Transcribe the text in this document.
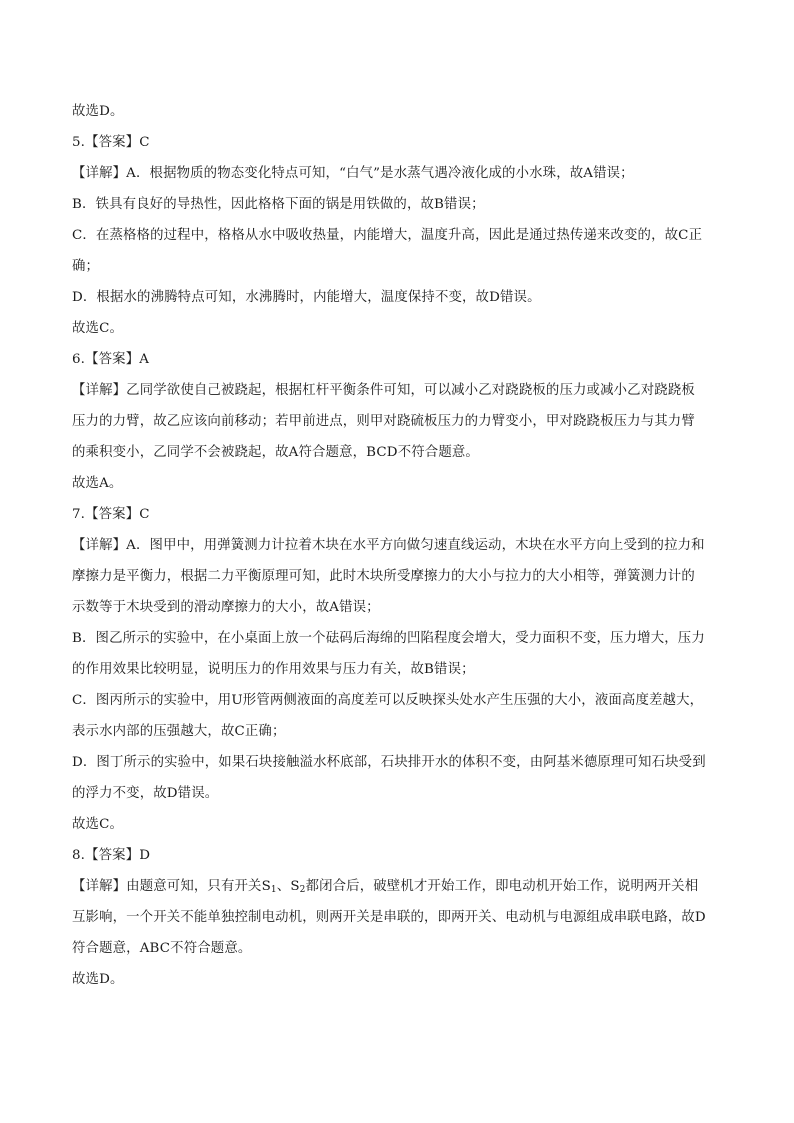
故选D。
5.【答案】C
【详解】A．根据物质的物态变化特点可知，“白气”是水蒸气遇冷液化成的小水珠，故A错误；
B．铁具有良好的导热性，因此格格下面的锅是用铁做的，故B错误；
C．在蒸格格的过程中，格格从水中吸收热量，内能增大，温度升高，因此是通过热传递来改变的，故C正
确；
D．根据水的沸腾特点可知，水沸腾时，内能增大，温度保持不变，故D错误。
故选C。
6.【答案】A
【详解】乙同学欲使自己被跷起，根据杠杆平衡条件可知，可以减小乙对跷跷板的压力或减小乙对跷跷板
压力的力臂，故乙应该向前移动；若甲前进点，则甲对跷硫板压力的力臂变小，甲对跷跷板压力与其力臂
的乘积变小，乙同学不会被跷起，故A符合题意，BCD不符合题意。
故选A。
7.【答案】C
【详解】A．图甲中，用弹簧测力计拉着木块在水平方向做匀速直线运动，木块在水平方向上受到的拉力和
摩擦力是平衡力，根据二力平衡原理可知，此时木块所受摩擦力的大小与拉力的大小相等，弹簧测力计的
示数等于木块受到的滑动摩擦力的大小，故A错误；
B．图乙所示的实验中，在小桌面上放一个砝码后海绵的凹陷程度会增大，受力面积不变，压力增大，压力
的作用效果比较明显，说明压力的作用效果与压力有关，故B错误；
C．图丙所示的实验中，用U形管两侧液面的高度差可以反映探头处水产生压强的大小，液面高度差越大，
表示水内部的压强越大，故C正确；
D．图丁所示的实验中，如果石块接触溢水杯底部，石块排开水的体积不变，由阿基米德原理可知石块受到
的浮力不变，故D错误。
故选C。
8.【答案】D
【详解】由题意可知，只有开关$S_1$、$S_2$都闭合后，破壁机才开始工作，即电动机开始工作，说明两开关相
互影响，一个开关不能单独控制电动机，则两开关是串联的，即两开关、电动机与电源组成串联电路，故D
符合题意，ABC不符合题意。
故选D。
